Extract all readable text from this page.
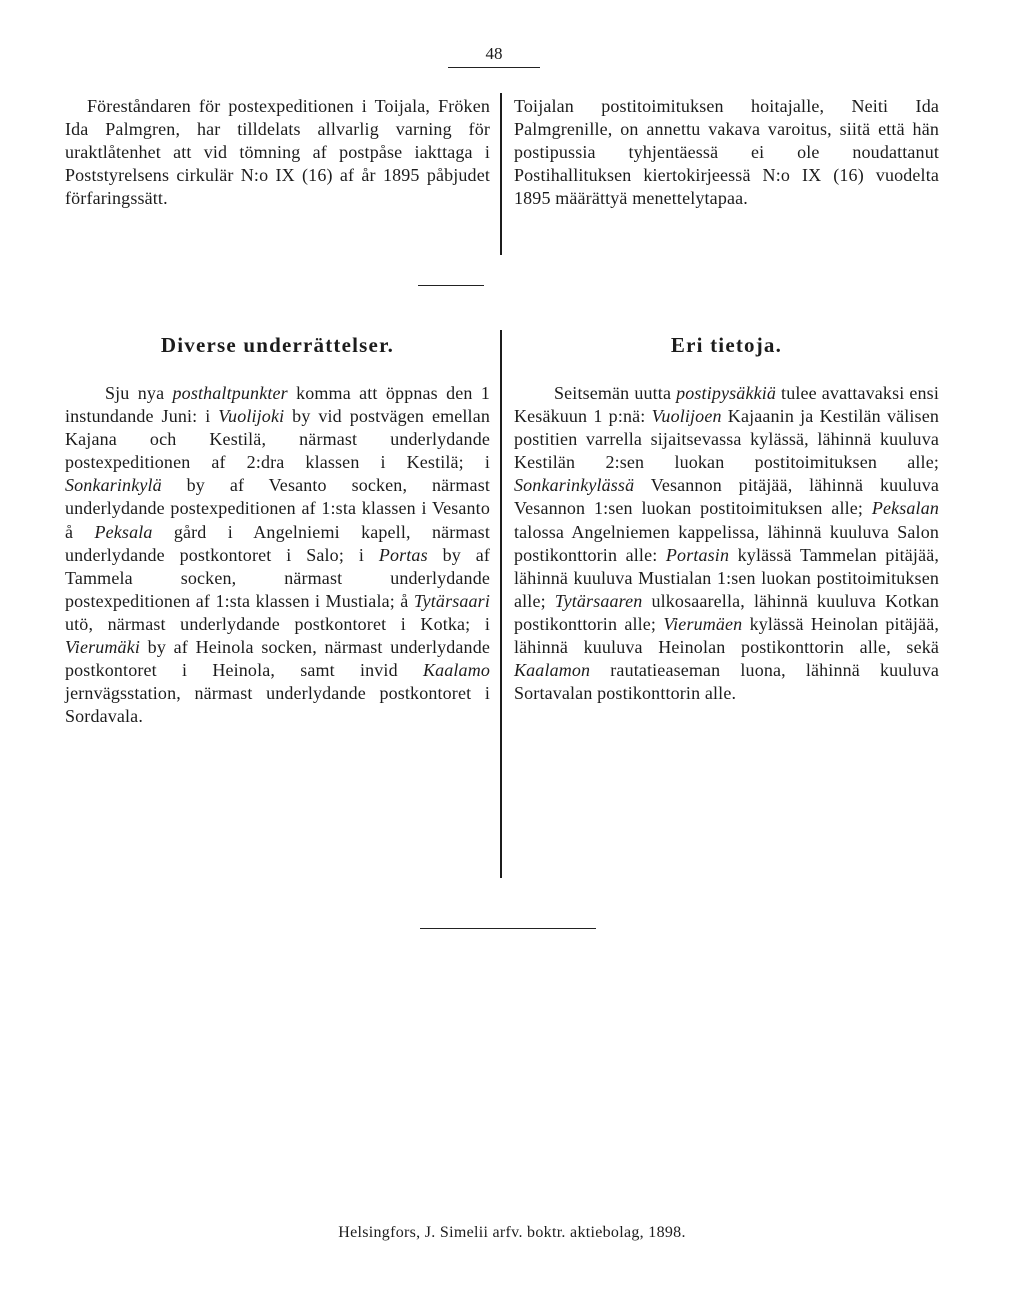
48
Föreståndaren för postexpeditionen i Toijala, Fröken Ida Palmgren, har tilldelats allvarlig varning för uraktlåtenhet att vid tömning af postpåse iakttaga i Poststyrelsens cirkulär N:o IX (16) af år 1895 påbjudet förfaringssätt.
Toijalan postitoimituksen hoitajalle, Neiti Ida Palmgrenille, on annettu vakava varoitus, siitä että hän postipussia tyhjentäessä ei ole noudattanut Postihallituksen kiertokirjeessä N:o IX (16) vuodelta 1895 määrättyä menettelytapaa.
Diverse underrättelser.	Eri tietoja.
Sju nya posthaltpunkter komma att öppnas den 1 instundande Juni: i Vuolijoki by vid postvägen emellan Kajana och Kestilä, närmast underlydande postexpeditionen af 2:dra klassen i Kestilä; i Sonkarinkylä by af Vesanto socken, närmast underlydande postexpeditionen af 1:sta klassen i Vesanto å Peksala gård i Angelniemi kapell, närmast underlydande postkontoret i Salo; i Portas by af Tammela socken, närmast underlydande postexpeditionen af 1:sta klassen i Mustiala; å Tytärsaari utö, närmast underlydande postkontoret i Kotka; i Vierumäki by af Heinola socken, närmast underlydande postkontoret i Heinola, samt invid Kaalamo jernvägsstation, närmast underlydande postkontoret i Sordavala.
Seitsemän uutta postipysäkkiä tulee avattavaksi ensi Kesäkuun 1 p:nä: Vuolijoen Kajaanin ja Kestilän välisen postitien varrella sijaitsevassa kylässä, lähinnä kuuluva Kestilän 2:sen luokan postitoimituksen alle; Sonkarinkylässä Vesannon pitäjää, lähinnä kuuluva Vesannon 1:sen luokan postitoimituksen alle; Peksalan talossa Angelniemen kappelissa, lähinnä kuuluva Salon postikonttorin alle: Portasin kylässä Tammelan pitäjää, lähinnä kuuluva Mustialan 1:sen luokan postitoimituksen alle; Tytärsaaren ulkosaarella, lähinnä kuuluva Kotkan postikonttorin alle; Vierumäen kylässä Heinolan pitäjää, lähinnä kuuluva Heinolan postikonttorin alle, sekä Kaalamon rautatieaseman luona, lähinnä kuuluva Sortavalan postikonttorin alle.
Helsingfors, J. Simelii arfv. boktr. aktiebolag, 1898.
